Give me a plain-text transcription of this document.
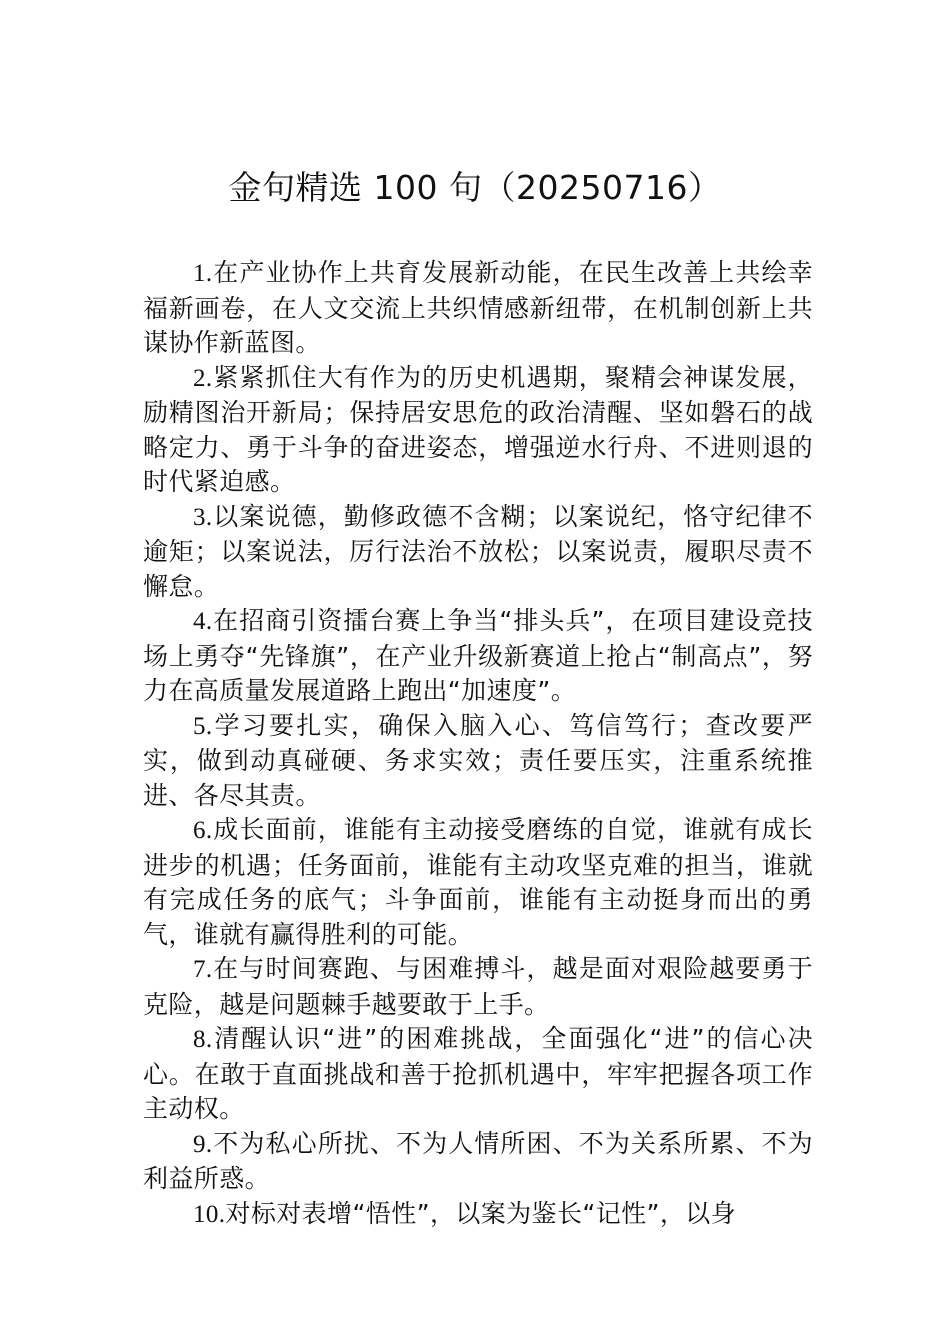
金句精选 100 句（20250716）

1.在产业协作上共育发展新动能，在民生改善上共绘幸福新画卷，在人文交流上共织情感新纽带，在机制创新上共谋协作新蓝图。

2.紧紧抓住大有作为的历史机遇期，聚精会神谋发展，励精图治开新局；保持居安思危的政治清醒、坚如磐石的战略定力、勇于斗争的奋进姿态，增强逆水行舟、不进则退的时代紧迫感。

3.以案说德，勤修政德不含糊；以案说纪，恪守纪律不逾矩；以案说法，厉行法治不放松；以案说责，履职尽责不懈怠。

4.在招商引资擂台赛上争当“排头兵”，在项目建设竞技场上勇夺“先锋旗”，在产业升级新赛道上抢占“制高点”，努力在高质量发展道路上跑出“加速度”。

5.学习要扎实，确保入脑入心、笃信笃行；查改要严实，做到动真碰硬、务求实效；责任要压实，注重系统推进、各尽其责。

6.成长面前，谁能有主动接受磨练的自觉，谁就有成长进步的机遇；任务面前，谁能有主动攻坚克难的担当，谁就有完成任务的底气；斗争面前，谁能有主动挺身而出的勇气，谁就有赢得胜利的可能。

7.在与时间赛跑、与困难搏斗，越是面对艰险越要勇于克险，越是问题棘手越要敢于上手。

8.清醒认识“进”的困难挑战，全面强化“进”的信心决心。在敢于直面挑战和善于抢抓机遇中，牢牢把握各项工作主动权。

9.不为私心所扰、不为人情所困、不为关系所累、不为利益所惑。

10.对标对表增“悟性”，以案为鉴长“记性”，以身
